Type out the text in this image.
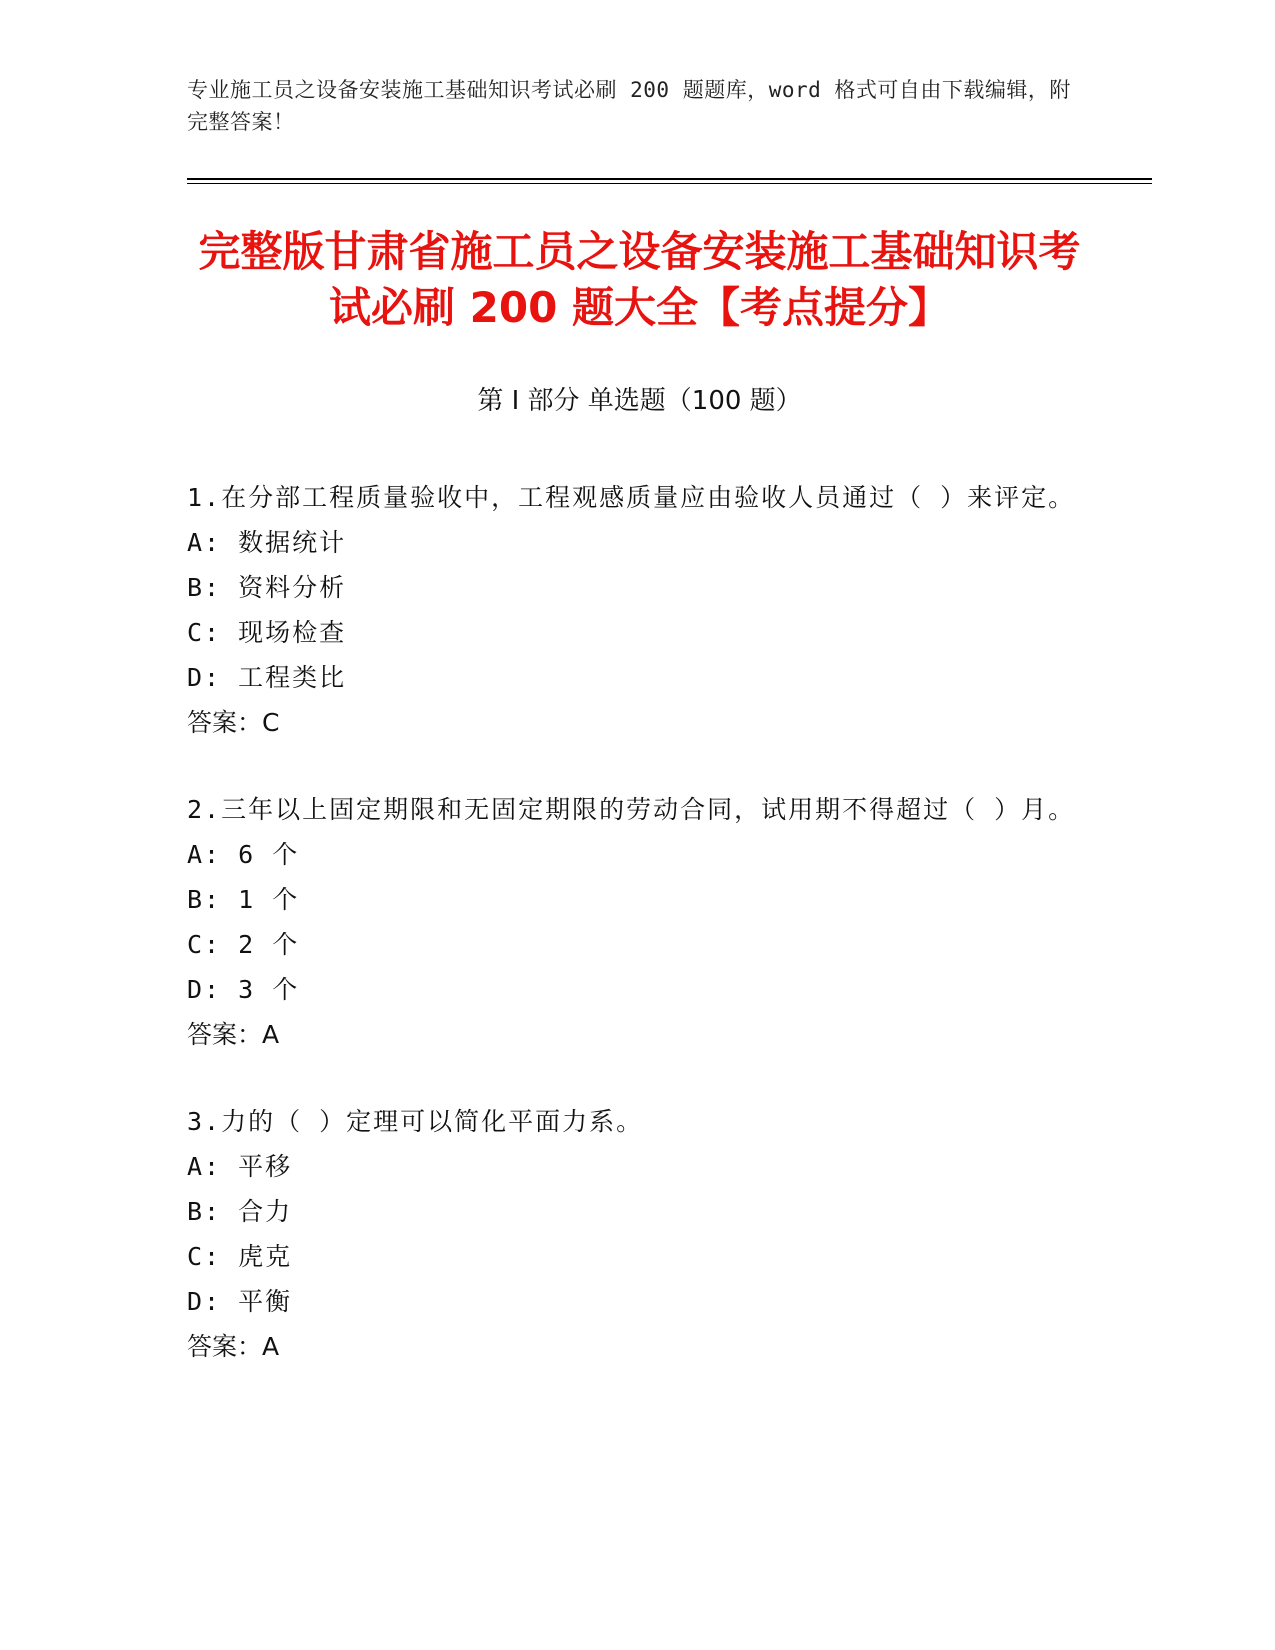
专业施工员之设备安装施工基础知识考试必刷 200 题题库，word 格式可自由下载编辑，附完整答案！
完整版甘肃省施工员之设备安装施工基础知识考试必刷 200 题大全【考点提分】
第 I 部分 单选题（100 题）

1.在分部工程质量验收中，工程观感质量应由验收人员通过（ ）来评定。

A: 数据统计

B: 资料分析

C: 现场检查

D: 工程类比

答案：C

2.三年以上固定期限和无固定期限的劳动合同，试用期不得超过（ ）月。

A: 6 个

B: 1 个

C: 2 个

D: 3 个

答案：A

3.力的（ ）定理可以简化平面力系。

A: 平移

B: 合力

C: 虎克

D: 平衡

答案：A
